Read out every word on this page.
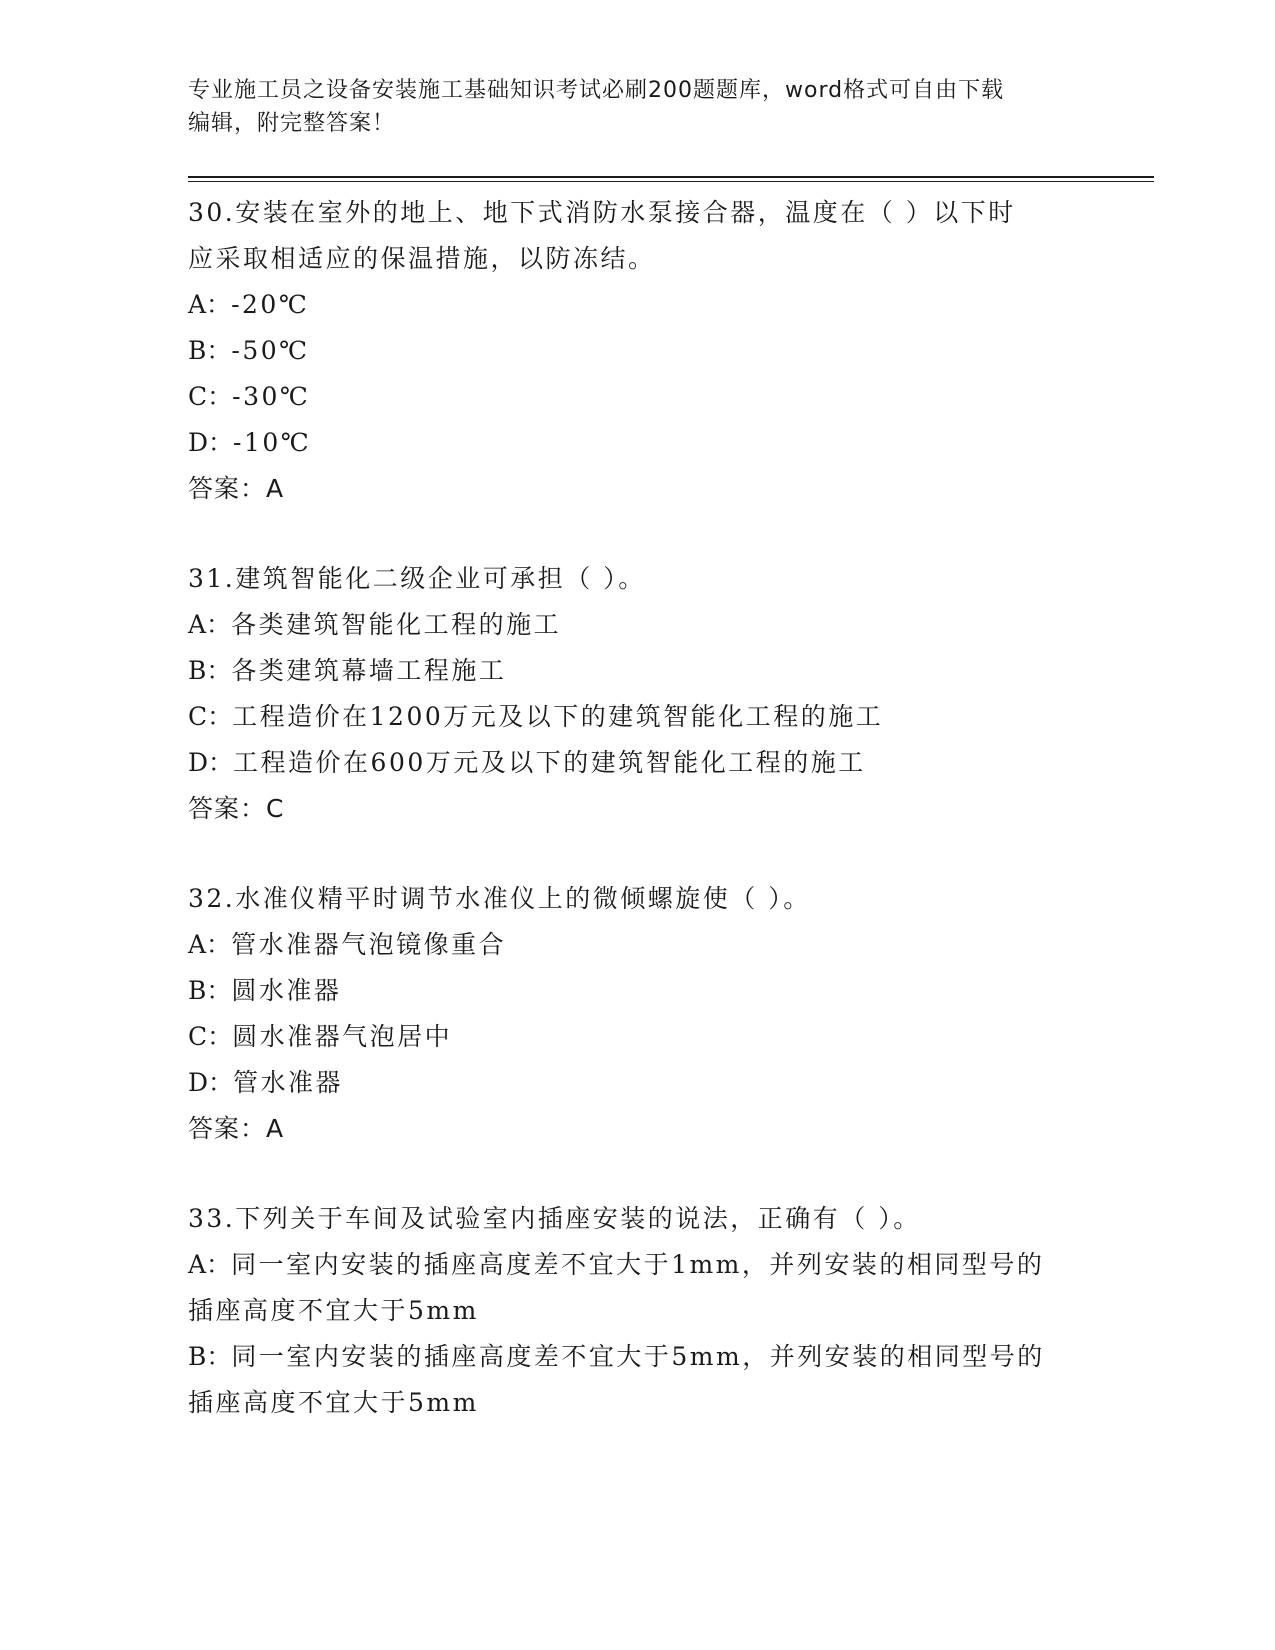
专业施工员之设备安装施工基础知识考试必刷200题题库，word格式可自由下载
编辑，附完整答案！

30.安装在室外的地上、地下式消防水泵接合器，温度在（ ）以下时

应采取相适应的保温措施，以防冻结。

A：-20℃

B：-50℃

C：-30℃

D：-10℃

答案：A

31.建筑智能化二级企业可承担（ ）。

A：各类建筑智能化工程的施工

B：各类建筑幕墙工程施工

C：工程造价在1200万元及以下的建筑智能化工程的施工

D：工程造价在600万元及以下的建筑智能化工程的施工

答案：C

32.水准仪精平时调节水准仪上的微倾螺旋使（ ）。

A：管水准器气泡镜像重合

B：圆水准器

C：圆水准器气泡居中

D：管水准器

答案：A

33.下列关于车间及试验室内插座安装的说法，正确有（ ）。

A：同一室内安装的插座高度差不宜大于1mm，并列安装的相同型号的

插座高度不宜大于5mm

B：同一室内安装的插座高度差不宜大于5mm，并列安装的相同型号的

插座高度不宜大于5mm
